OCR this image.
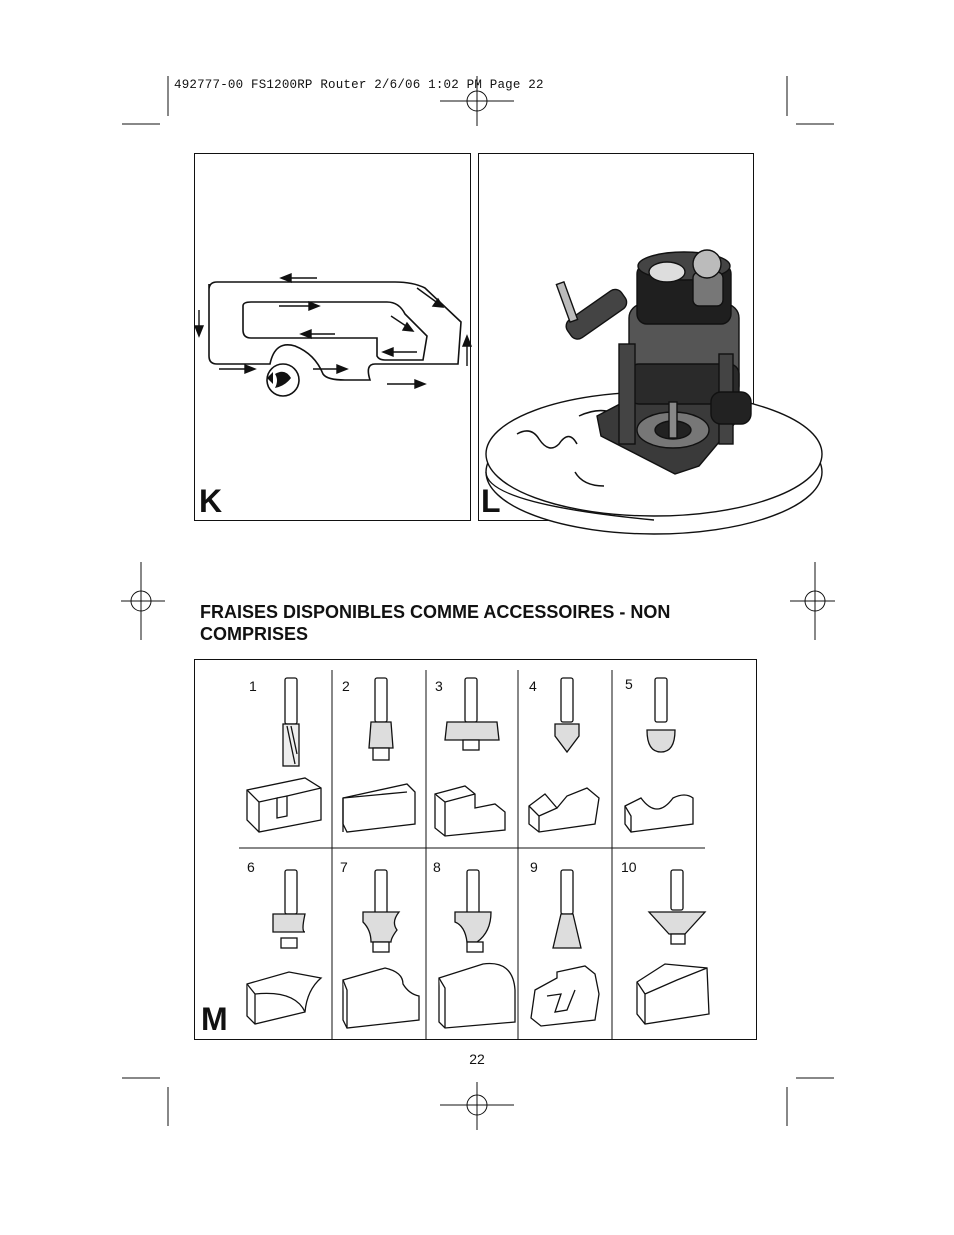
492777-00 FS1200RP Router 2/6/06 1:02 PM Page 22
K	L
FRAISES DISPONIBLES COMME ACCESSOIRES - NON COMPRISES
1	2	3	4	5
6	7	8	9	10
M
22
